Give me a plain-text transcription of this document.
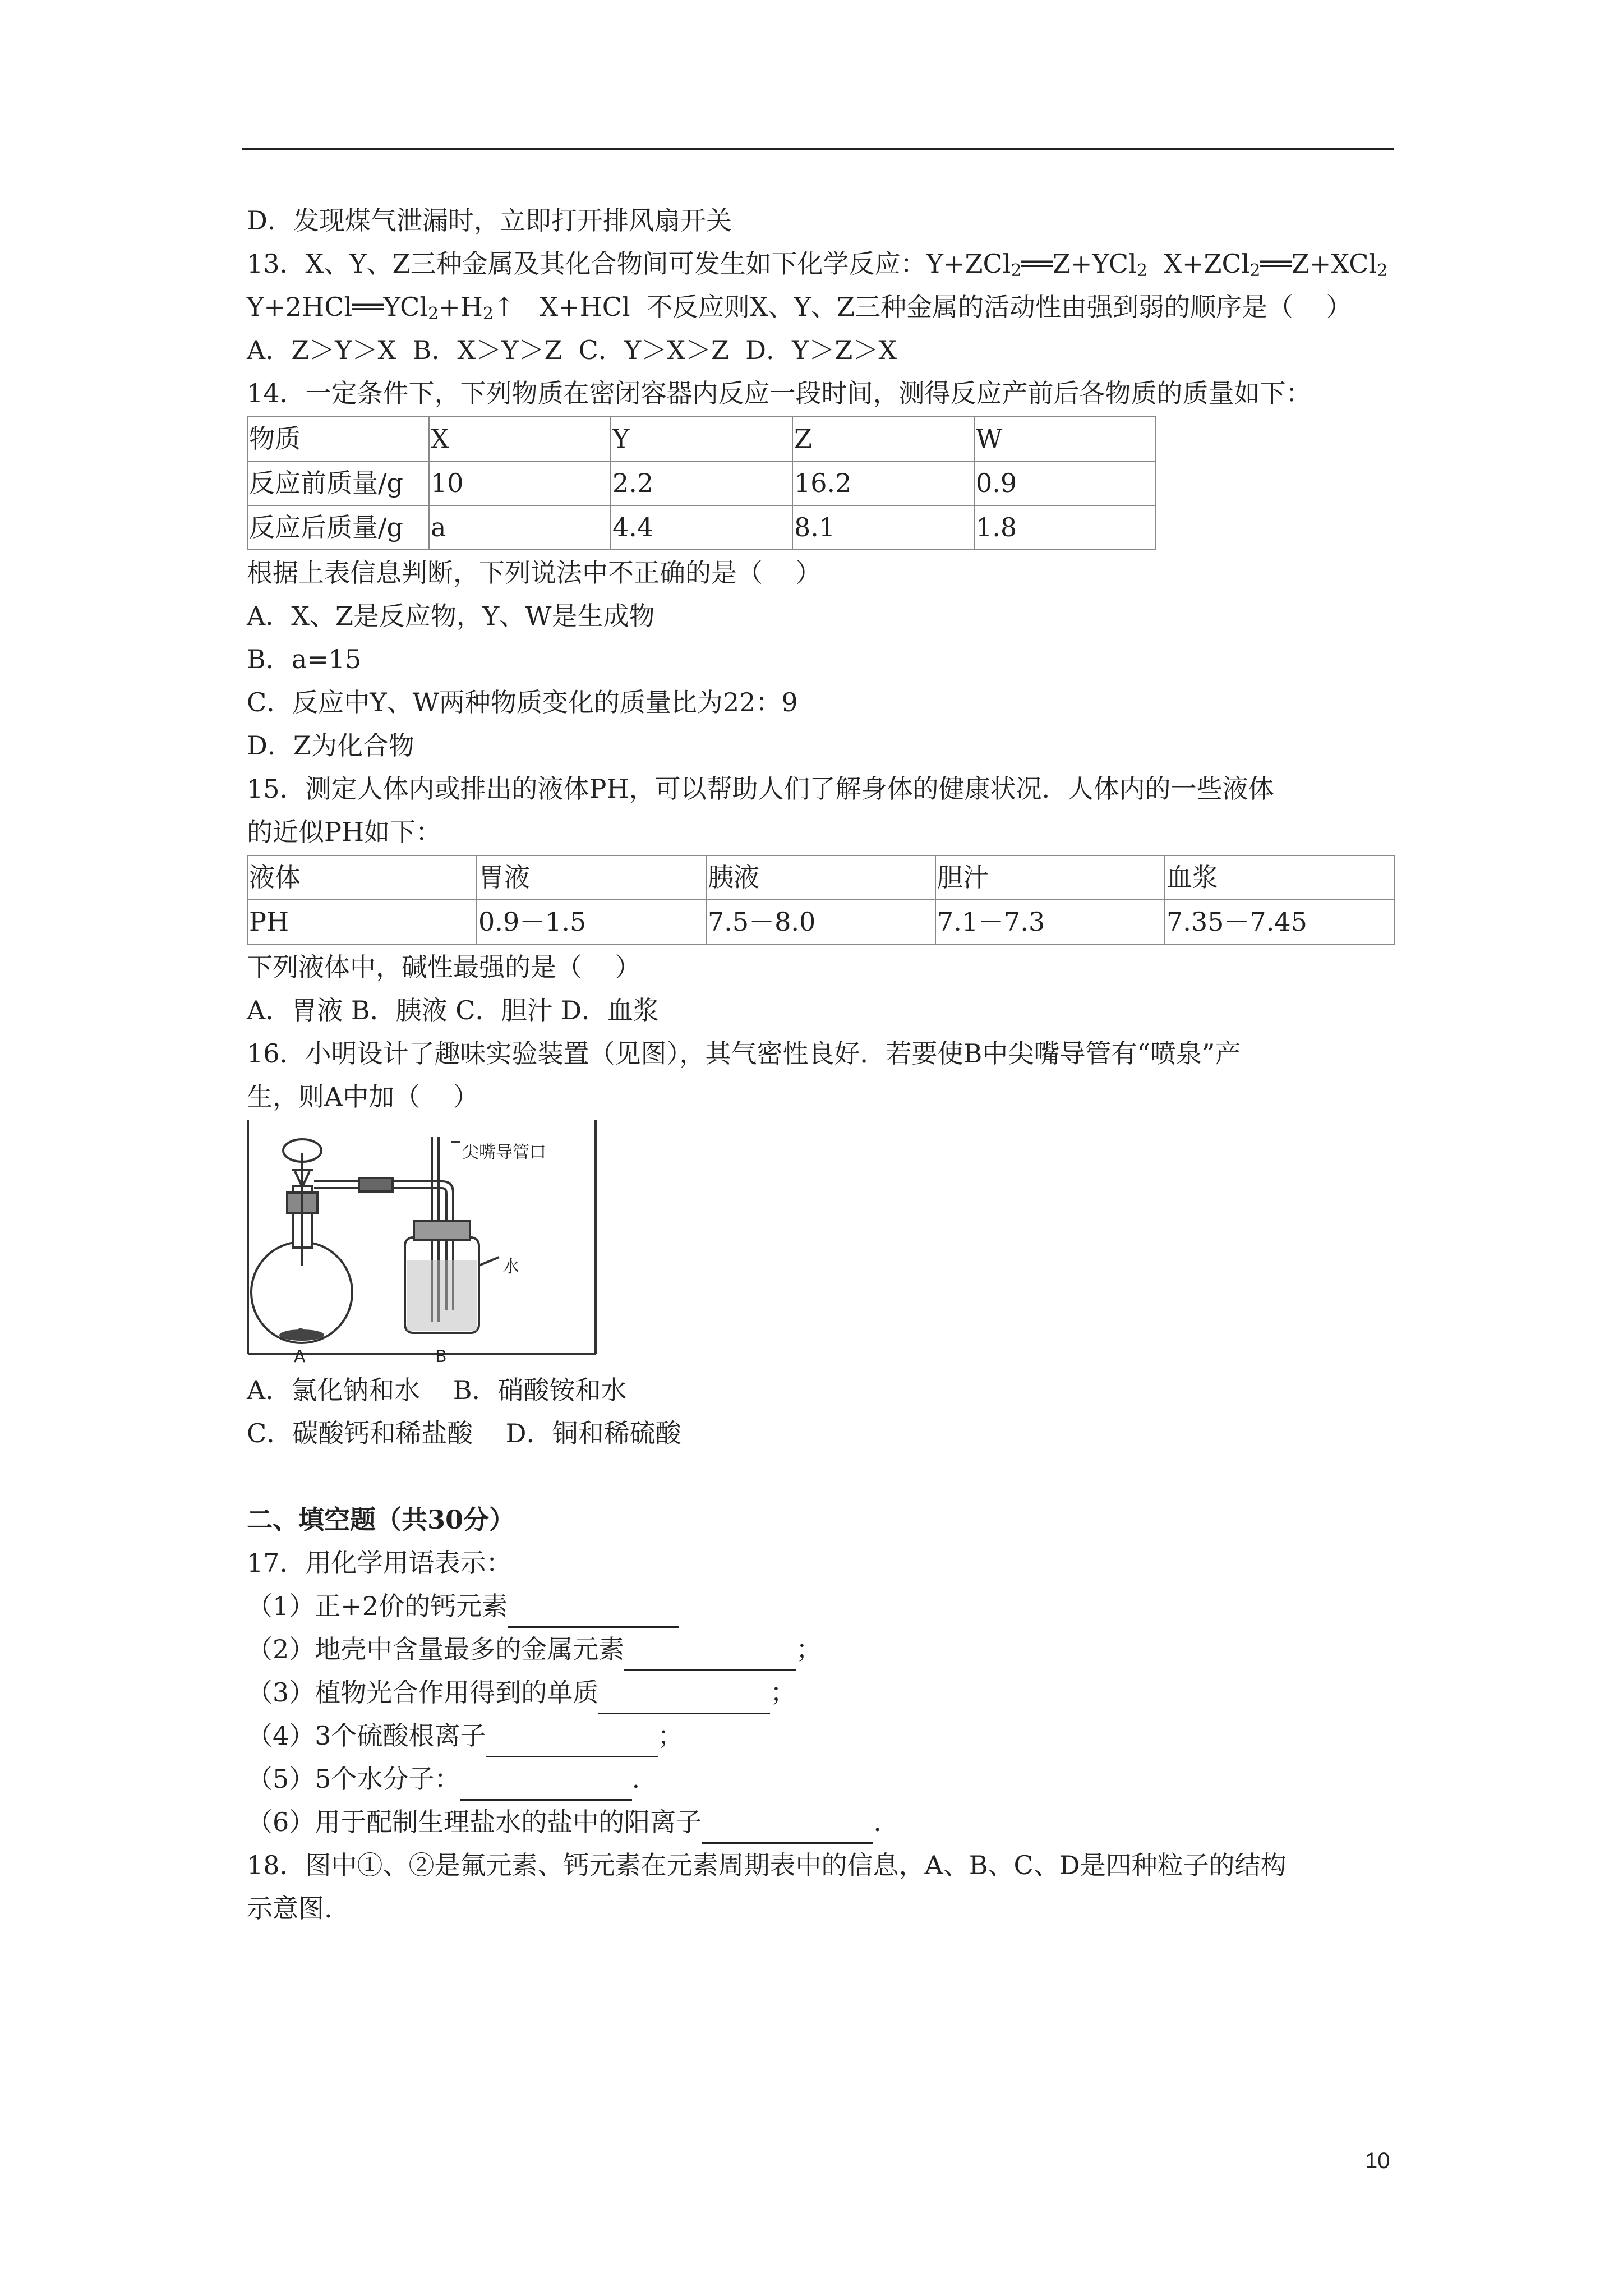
D．发现煤气泄漏时，立即打开排风扇开关
13．X、Y、Z三种金属及其化合物间可发生如下化学反应：Y+ZCl$_2$══Z+YCl$_2$  X+ZCl$_2$══Z+XCl$_2$
$Y+2HCl══YCl_2+H_2↑$   X+HCl  不反应则X、Y、Z三种金属的活动性由强到弱的顺序是（    ）
A．Z＞Y＞X  B．X＞Y＞Z  C．Y＞X＞Z  D．Y＞Z＞X
14．一定条件下，下列物质在密闭容器内反应一段时间，测得反应产前后各物质的质量如下：
物质	X	Y	Z	W
反应前质量/g	10	2.2	16.2	0.9
反应后质量/g	a	4.4	8.1	1.8
根据上表信息判断，下列说法中不正确的是（    ）
A．X、Z是反应物，Y、W是生成物
B．a=15
C．反应中Y、W两种物质变化的质量比为22：9
D．Z为化合物
15．测定人体内或排出的液体PH，可以帮助人们了解身体的健康状况．人体内的一些液体
的近似PH如下：
液体	胃液	胰液	胆汁	血浆
PH	0.9－1.5	7.5－8.0	7.1－7.3	7.35－7.45
下列液体中，碱性最强的是（    ）
A．胃液 B．胰液 C．胆汁 D．血浆
16．小明设计了趣味实验装置（见图），其气密性良好．若要使B中尖嘴导管有“喷泉”产
生，则A中加（    ）
尖嘴导管口
水
A	B
A．氯化钠和水    B．硝酸铵和水
C．碳酸钙和稀盐酸    D．铜和稀硫酸
二、填空题（共30分）
17．用化学用语表示：
（1）正+2价的钙元素
（2）地壳中含量最多的金属元素	；
（3）植物光合作用得到的单质	；
（4）3个硫酸根离子	；
（5）5个水分子：	.
（6）用于配制生理盐水的盐中的阳离子	.
18．图中①、②是氟元素、钙元素在元素周期表中的信息，A、B、C、D是四种粒子的结构
示意图.
10
